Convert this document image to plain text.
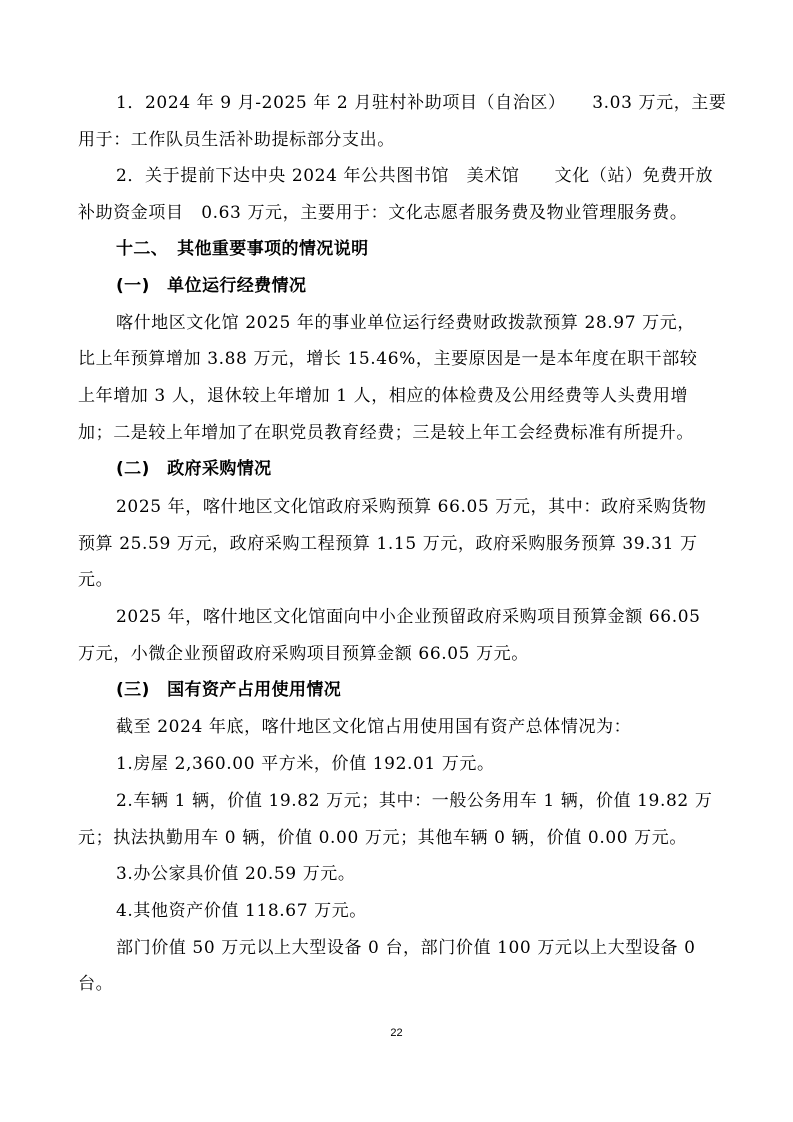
1．2024 年 9 月-2025 年 2 月驻村补助项目（自治区）　　3.03 万元，主要
用于：工作队员生活补助提标部分支出。
2．关于提前下达中央 2024 年公共图书馆　美术馆　　文化（站）免费开放
补助资金项目　0.63 万元，主要用于：文化志愿者服务费及物业管理服务费。
十二、　其他重要事项的情况说明
(一)　单位运行经费情况
喀什地区文化馆 2025 年的事业单位运行经费财政拨款预算 28.97 万元，
比上年预算增加 3.88 万元，增长 15.46%，主要原因是一是本年度在职干部较
上年增加 3 人，退休较上年增加 1 人，相应的体检费及公用经费等人头费用增
加；二是较上年增加了在职党员教育经费；三是较上年工会经费标准有所提升。
(二)　政府采购情况
2025 年，喀什地区文化馆政府采购预算 66.05 万元，其中：政府采购货物
预算 25.59 万元，政府采购工程预算 1.15 万元，政府采购服务预算 39.31 万
元。
2025 年，喀什地区文化馆面向中小企业预留政府采购项目预算金额 66.05
万元，小微企业预留政府采购项目预算金额 66.05 万元。
(三)　国有资产占用使用情况
截至 2024 年底，喀什地区文化馆占用使用国有资产总体情况为：
1.房屋 2,360.00 平方米，价值 192.01 万元。
2.车辆 1 辆，价值 19.82 万元；其中：一般公务用车 1 辆，价值 19.82 万
元；执法执勤用车 0 辆，价值 0.00 万元；其他车辆 0 辆，价值 0.00 万元。
3.办公家具价值 20.59 万元。
4.其他资产价值 118.67 万元。
部门价值 50 万元以上大型设备 0 台，部门价值 100 万元以上大型设备 0
台。
22
